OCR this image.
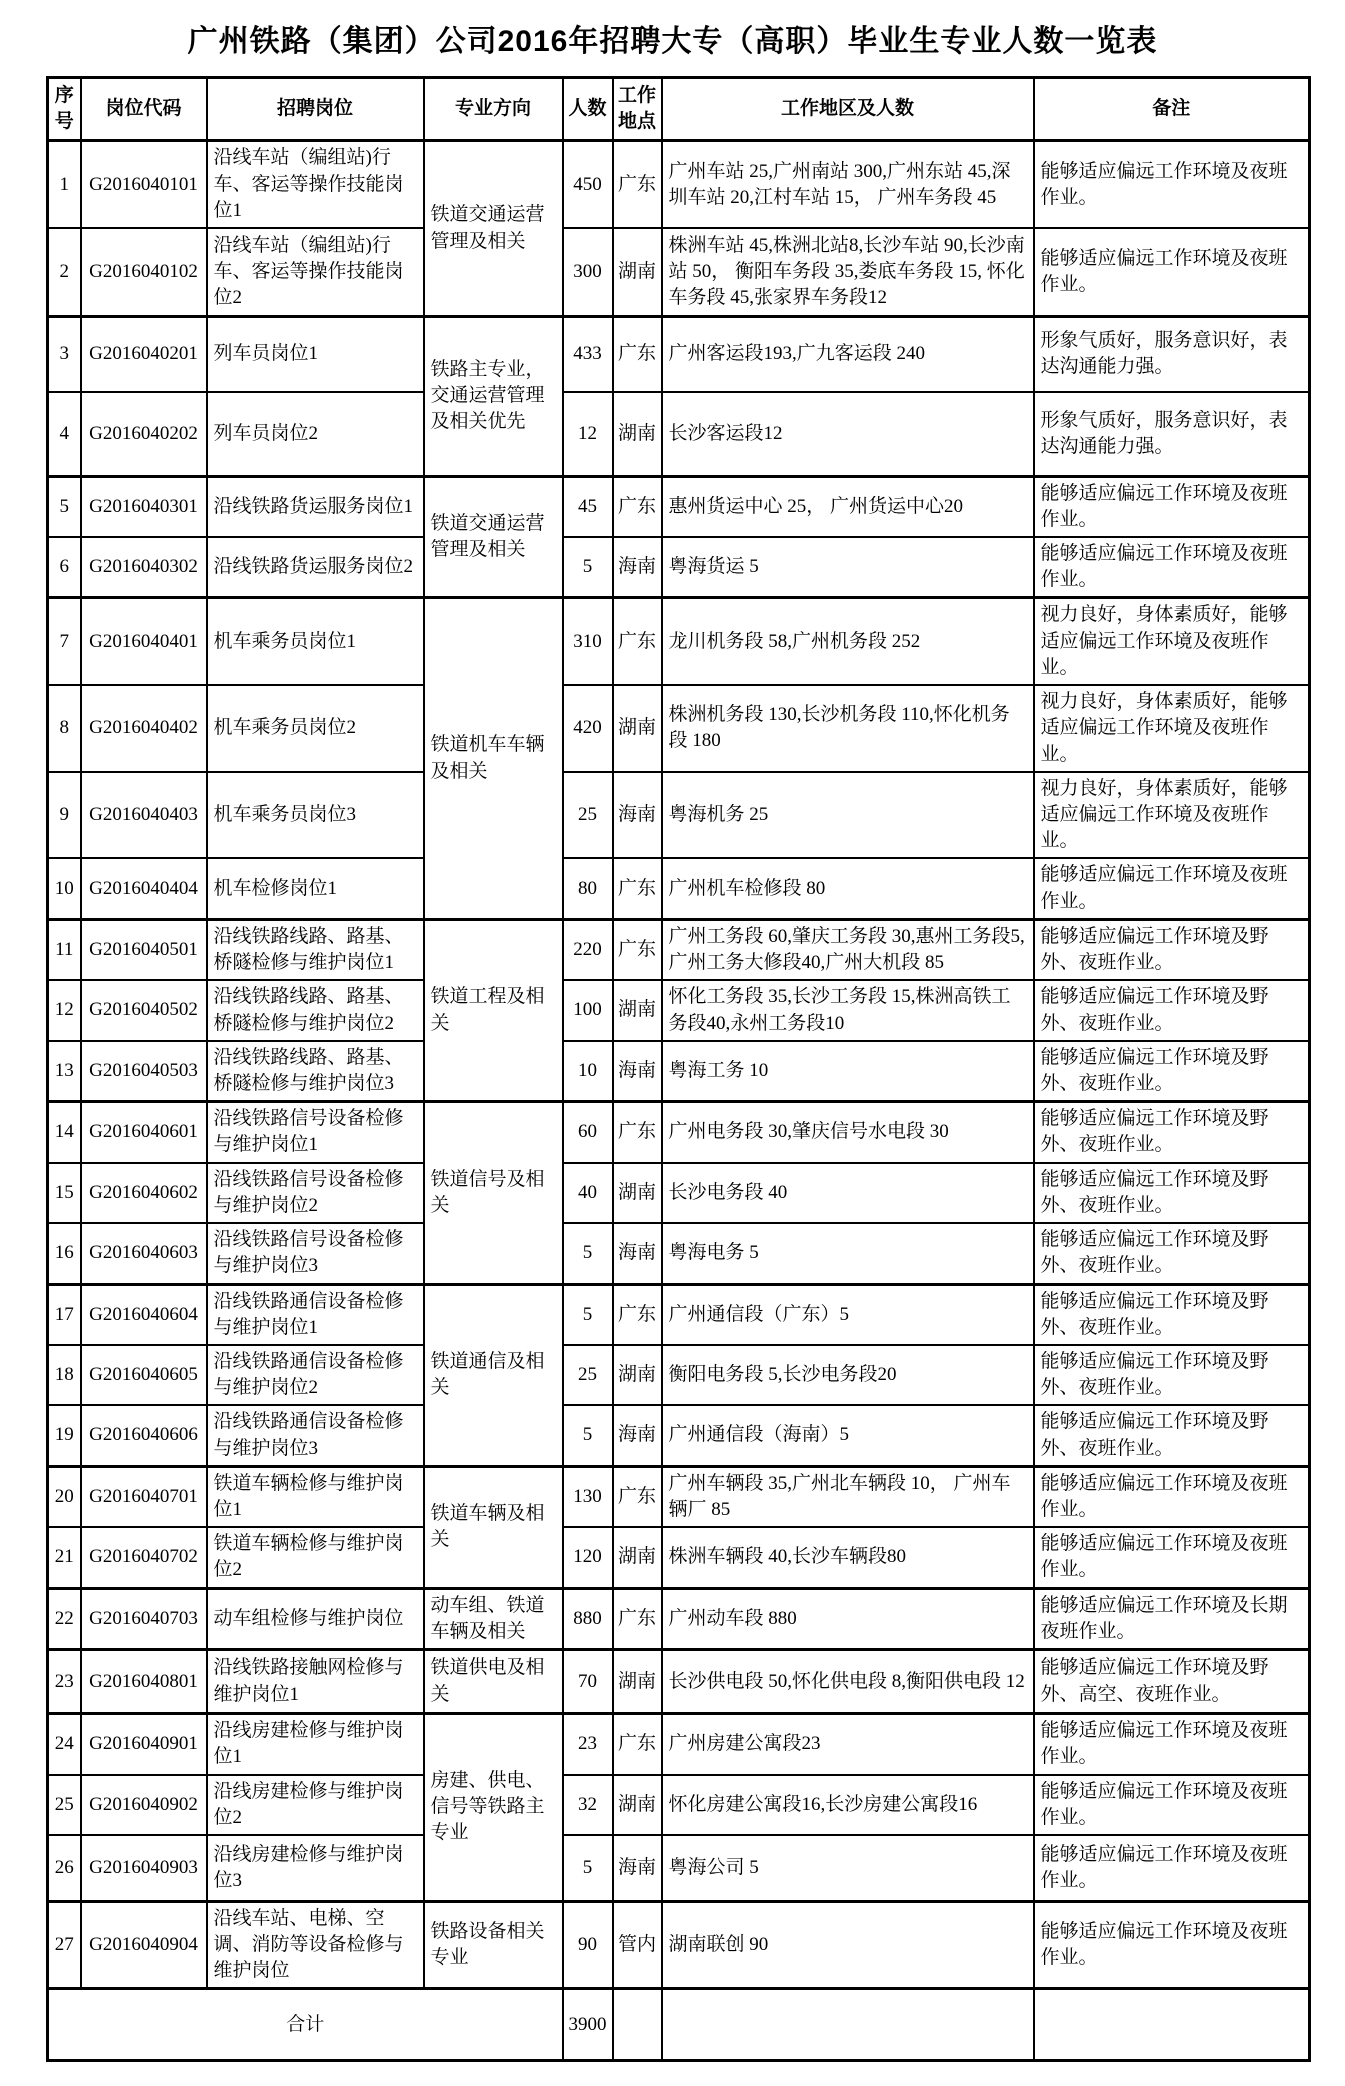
广州铁路（集团）公司2016年招聘大专（高职）毕业生专业人数一览表
序号	岗位代码	招聘岗位	专业方向	人数	工作地点	工作地区及人数	备注
1	G2016040101	沿线车站（编组站)行车、客运等操作技能岗位1	铁道交通运营管理及相关	450	广东	广州车站 25,广州南站 300,广州东站 45,深圳车站 20,江村车站 15， 广州车务段 45	能够适应偏远工作环境及夜班作业。
2	G2016040102	沿线车站（编组站)行车、客运等操作技能岗位2		300	湖南	株洲车站 45,株洲北站8,长沙车站 90,长沙南站 50， 衡阳车务段 35,娄底车务段 15, 怀化车务段 45,张家界车务段12	能够适应偏远工作环境及夜班作业。
3	G2016040201	列车员岗位1	铁路主专业，交通运营管理及相关优先	433	广东	广州客运段193,广九客运段 240	形象气质好，服务意识好，表达沟通能力强。
4	G2016040202	列车员岗位2		12	湖南	长沙客运段12	形象气质好，服务意识好，表达沟通能力强。
5	G2016040301	沿线铁路货运服务岗位1	铁道交通运营管理及相关	45	广东	惠州货运中心 25， 广州货运中心20	能够适应偏远工作环境及夜班作业。
6	G2016040302	沿线铁路货运服务岗位2		5	海南	粤海货运 5	能够适应偏远工作环境及夜班作业。
7	G2016040401	机车乘务员岗位1	铁道机车车辆及相关	310	广东	龙川机务段 58,广州机务段 252	视力良好，身体素质好，能够适应偏远工作环境及夜班作业。
8	G2016040402	机车乘务员岗位2		420	湖南	株洲机务段 130,长沙机务段 110,怀化机务段 180	视力良好，身体素质好，能够适应偏远工作环境及夜班作业。
9	G2016040403	机车乘务员岗位3		25	海南	粤海机务 25	视力良好，身体素质好，能够适应偏远工作环境及夜班作业。
10	G2016040404	机车检修岗位1		80	广东	广州机车检修段 80	能够适应偏远工作环境及夜班作业。
11	G2016040501	沿线铁路线路、路基、桥隧检修与维护岗位1	铁道工程及相关	220	广东	广州工务段 60,肇庆工务段 30,惠州工务段5,广州工务大修段40,广州大机段 85	能够适应偏远工作环境及野外、夜班作业。
12	G2016040502	沿线铁路线路、路基、桥隧检修与维护岗位2		100	湖南	怀化工务段 35,长沙工务段 15,株洲高铁工务段40,永州工务段10	能够适应偏远工作环境及野外、夜班作业。
13	G2016040503	沿线铁路线路、路基、桥隧检修与维护岗位3		10	海南	粤海工务 10	能够适应偏远工作环境及野外、夜班作业。
14	G2016040601	沿线铁路信号设备检修与维护岗位1	铁道信号及相关	60	广东	广州电务段 30,肇庆信号水电段 30	能够适应偏远工作环境及野外、夜班作业。
15	G2016040602	沿线铁路信号设备检修与维护岗位2		40	湖南	长沙电务段 40	能够适应偏远工作环境及野外、夜班作业。
16	G2016040603	沿线铁路信号设备检修与维护岗位3		5	海南	粤海电务 5	能够适应偏远工作环境及野外、夜班作业。
17	G2016040604	沿线铁路通信设备检修与维护岗位1	铁道通信及相关	5	广东	广州通信段（广东）5	能够适应偏远工作环境及野外、夜班作业。
18	G2016040605	沿线铁路通信设备检修与维护岗位2		25	湖南	衡阳电务段 5,长沙电务段20	能够适应偏远工作环境及野外、夜班作业。
19	G2016040606	沿线铁路通信设备检修与维护岗位3		5	海南	广州通信段（海南）5	能够适应偏远工作环境及野外、夜班作业。
20	G2016040701	铁道车辆检修与维护岗位1	铁道车辆及相关	130	广东	广州车辆段 35,广州北车辆段 10， 广州车辆厂 85	能够适应偏远工作环境及夜班作业。
21	G2016040702	铁道车辆检修与维护岗位2		120	湖南	株洲车辆段 40,长沙车辆段80	能够适应偏远工作环境及夜班作业。
22	G2016040703	动车组检修与维护岗位	动车组、铁道车辆及相关	880	广东	广州动车段 880	能够适应偏远工作环境及长期夜班作业。
23	G2016040801	沿线铁路接触网检修与维护岗位1	铁道供电及相关	70	湖南	长沙供电段 50,怀化供电段 8,衡阳供电段 12	能够适应偏远工作环境及野外、高空、夜班作业。
24	G2016040901	沿线房建检修与维护岗位1	房建、供电、信号等铁路主专业	23	广东	广州房建公寓段23	能够适应偏远工作环境及夜班作业。
25	G2016040902	沿线房建检修与维护岗位2		32	湖南	怀化房建公寓段16,长沙房建公寓段16	能够适应偏远工作环境及夜班作业。
26	G2016040903	沿线房建检修与维护岗位3		5	海南	粤海公司 5	能够适应偏远工作环境及夜班作业。
27	G2016040904	沿线车站、电梯、空调、消防等设备检修与维护岗位	铁路设备相关专业	90	管内	湖南联创 90	能够适应偏远工作环境及夜班作业。
合计				3900			
